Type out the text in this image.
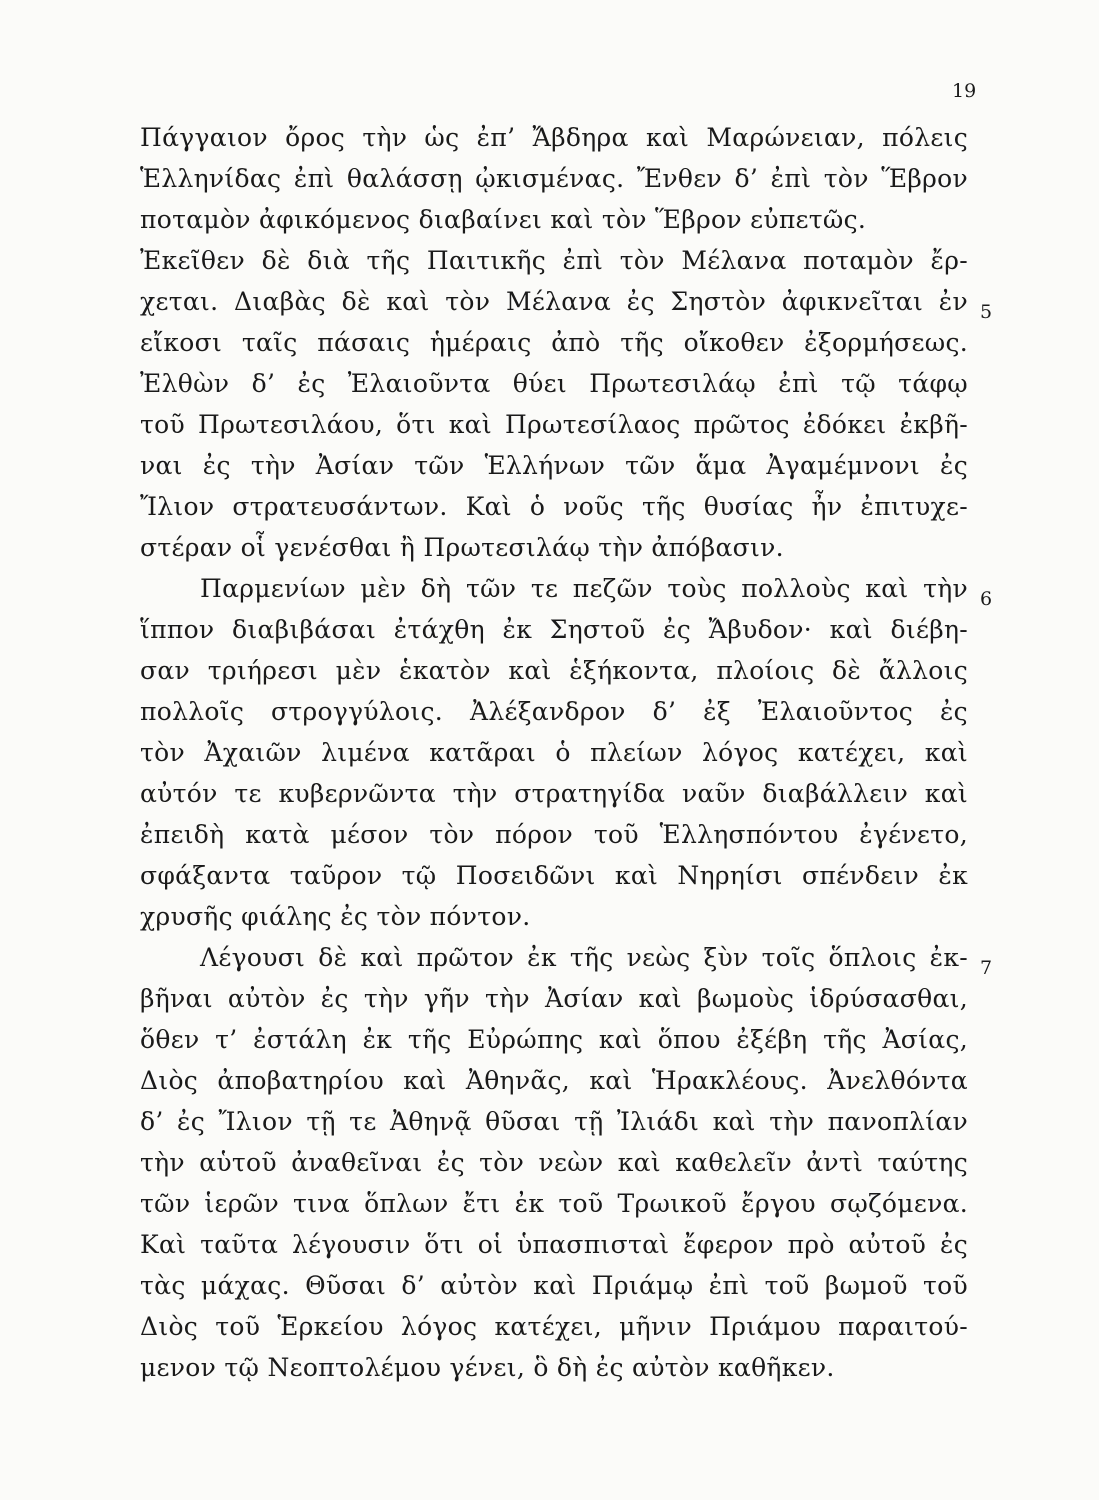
19
Πάγγαιον ὄρος τὴν ὡς ἐπ’ Ἄβδηρα καὶ Μαρώνειαν, πόλεις
Ἑλληνίδας ἐπὶ θαλάσσῃ ᾠκισμένας. Ἔνθεν δ’ ἐπὶ τὸν Ἕβρον
ποταμὸν ἀφικόμενος διαβαίνει καὶ τὸν Ἕβρον εὐπετῶς.
Ἐκεῖθεν δὲ διὰ τῆς Παιτικῆς ἐπὶ τὸν Μέλανα ποταμὸν ἔρ-
χεται. Διαβὰς δὲ καὶ τὸν Μέλανα ἐς Σηστὸν ἀφικνεῖται ἐν
εἴκοσι ταῖς πάσαις ἡμέραις ἀπὸ τῆς οἴκοθεν ἐξορμήσεως.
Ἐλθὼν δ’ ἐς Ἐλαιοῦντα θύει Πρωτεσιλάῳ ἐπὶ τῷ τάφῳ
τοῦ Πρωτεσιλάου, ὅτι καὶ Πρωτεσίλαος πρῶτος ἐδόκει ἐκβῆ-
ναι ἐς τὴν Ἀσίαν τῶν Ἑλλήνων τῶν ἅμα Ἀγαμέμνονι ἐς
Ἴλιον στρατευσάντων. Καὶ ὁ νοῦς τῆς θυσίας ἦν ἐπιτυχε-
στέραν οἷ γενέσθαι ἢ Πρωτεσιλάῳ τὴν ἀπόβασιν.
Παρμενίων μὲν δὴ τῶν τε πεζῶν τοὺς πολλοὺς καὶ τὴν
ἵππον διαβιβάσαι ἐτάχθη ἐκ Σηστοῦ ἐς Ἄβυδον· καὶ διέβη-
σαν τριήρεσι μὲν ἑκατὸν καὶ ἑξήκοντα, πλοίοις δὲ ἄλλοις
πολλοῖς στρογγύλοις. Ἀλέξανδρον δ’ ἐξ Ἐλαιοῦντος ἐς
τὸν Ἀχαιῶν λιμένα κατᾶραι ὁ πλείων λόγος κατέχει, καὶ
αὐτόν τε κυβερνῶντα τὴν στρατηγίδα ναῦν διαβάλλειν καὶ
ἐπειδὴ κατὰ μέσον τὸν πόρον τοῦ Ἑλλησπόντου ἐγένετο,
σφάξαντα ταῦρον τῷ Ποσειδῶνι καὶ Νηρηίσι σπένδειν ἐκ
χρυσῆς φιάλης ἐς τὸν πόντον.
Λέγουσι δὲ καὶ πρῶτον ἐκ τῆς νεὼς ξὺν τοῖς ὅπλοις ἐκ-
βῆναι αὐτὸν ἐς τὴν γῆν τὴν Ἀσίαν καὶ βωμοὺς ἱδρύσασθαι,
ὅθεν τ’ ἐστάλη ἐκ τῆς Εὐρώπης καὶ ὅπου ἐξέβη τῆς Ἀσίας,
Διὸς ἀποβατηρίου καὶ Ἀθηνᾶς, καὶ Ἡρακλέους. Ἀνελθόντα
δ’ ἐς Ἴλιον τῇ τε Ἀθηνᾷ θῦσαι τῇ Ἰλιάδι καὶ τὴν πανοπλίαν
τὴν αὑτοῦ ἀναθεῖναι ἐς τὸν νεὼν καὶ καθελεῖν ἀντὶ ταύτης
τῶν ἱερῶν τινα ὅπλων ἔτι ἐκ τοῦ Τρωικοῦ ἔργου σῳζόμενα.
Καὶ ταῦτα λέγουσιν ὅτι οἱ ὑπασπισταὶ ἔφερον πρὸ αὐτοῦ ἐς
τὰς μάχας. Θῦσαι δ’ αὐτὸν καὶ Πριάμῳ ἐπὶ τοῦ βωμοῦ τοῦ
Διὸς τοῦ Ἑρκείου λόγος κατέχει, μῆνιν Πριάμου παραιτού-
μενον τῷ Νεοπτολέμου γένει, ὃ δὴ ἐς αὐτὸν καθῆκεν.
5
6
7
